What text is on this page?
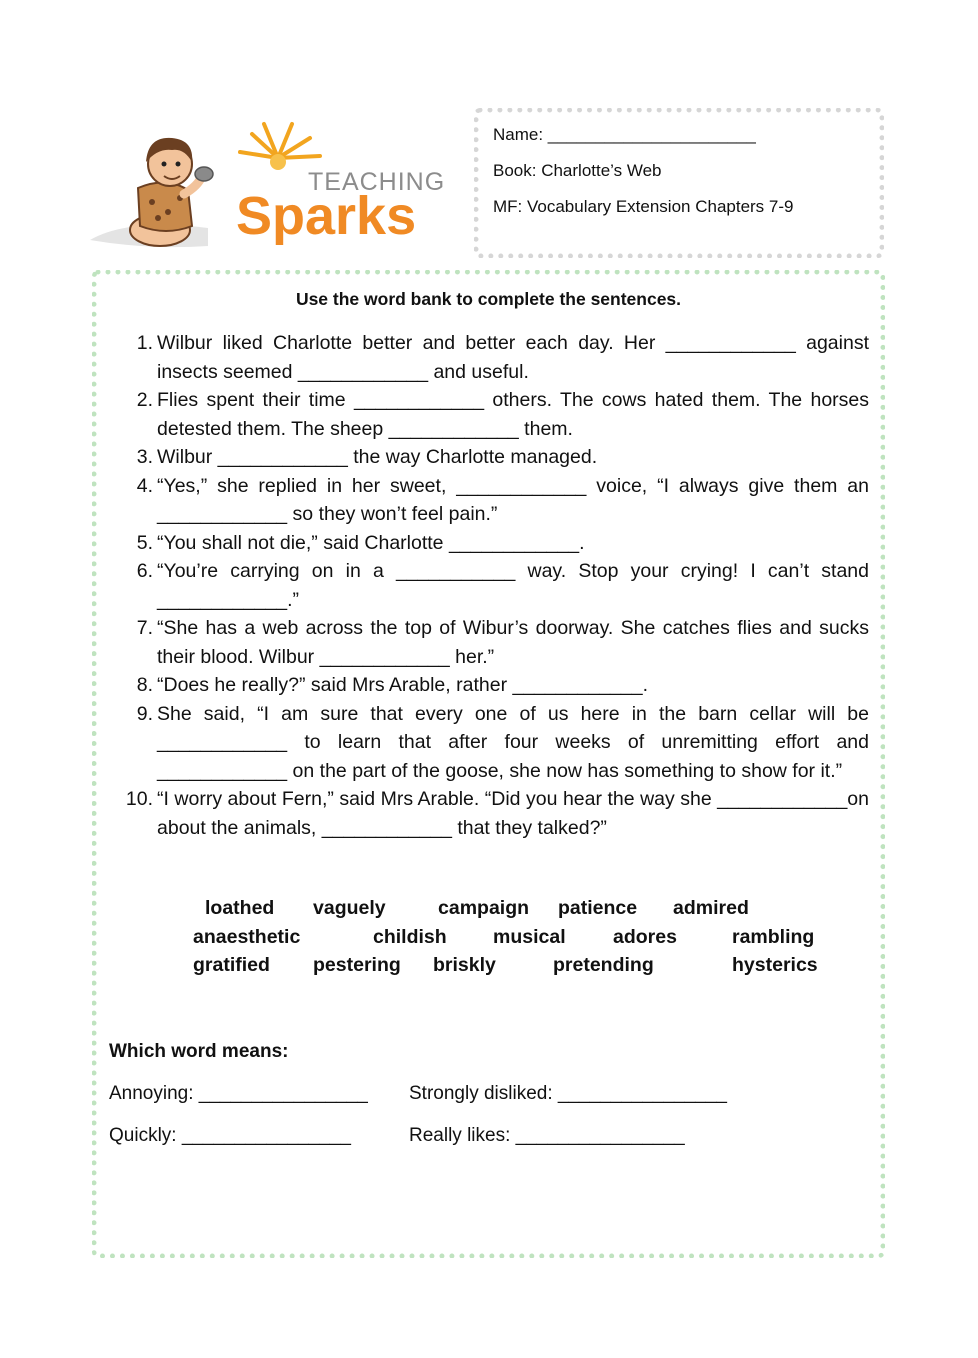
TEACHING
Sparks
Name: ______________________
Book: Charlotte’s Web
MF: Vocabulary Extension Chapters 7-9
Use the word bank to complete the sentences.
1. Wilbur liked Charlotte better and better each day. Her ____________ against insects seemed ____________ and useful.
2. Flies spent their time ____________ others. The cows hated them. The horses detested them. The sheep ____________ them.
3. Wilbur ____________ the way Charlotte managed.
4. “Yes,” she replied in her sweet, ____________ voice, “I always give them an ____________ so they won’t feel pain.”
5. “You shall not die,” said Charlotte ____________.
6. “You’re carrying on in a ___________ way. Stop your crying! I can’t stand ____________.”
7. “She has a web across the top of Wibur’s doorway. She catches flies and sucks their blood. Wilbur ____________ her.”
8. “Does he really?” said Mrs Arable, rather ____________.
9. She said, “I am sure that every one of us here in the barn cellar will be ____________ to learn that after four weeks of unremitting effort and ____________ on the part of the goose, she now has something to show for it.”
10. “I worry about Fern,” said Mrs Arable. “Did you hear the way she ____________on about the animals, ____________ that they talked?”
loathed vaguely	campaign patience admired
anaesthetic	childish musical adores	rambling
gratified pestering briskly	pretending	hysterics
Which word means:
Annoying: ________________ Strongly disliked: ________________
Quickly: ________________	Really likes: ________________
